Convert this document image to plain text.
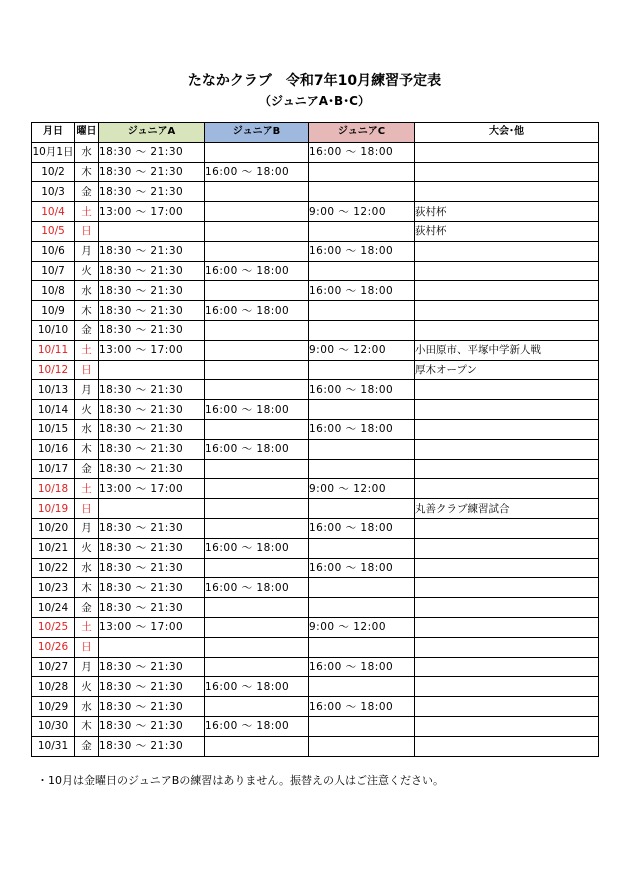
たなかクラブ　令和7年10月練習予定表
（ジュニアA･B･C）
月日	曜日	ジュニアA	ジュニアB	ジュニアC	大会･他
10月1日	水	18:30 ～ 21:30		16:00 ～ 18:00	
10/2	木	18:30 ～ 21:30	16:00 ～ 18:00		
10/3	金	18:30 ～ 21:30			
10/4	土	13:00 ～ 17:00		9:00 ～ 12:00	荻村杯
10/5	日				荻村杯
10/6	月	18:30 ～ 21:30		16:00 ～ 18:00	
10/7	火	18:30 ～ 21:30	16:00 ～ 18:00		
10/8	水	18:30 ～ 21:30		16:00 ～ 18:00	
10/9	木	18:30 ～ 21:30	16:00 ～ 18:00		
10/10	金	18:30 ～ 21:30			
10/11	土	13:00 ～ 17:00		9:00 ～ 12:00	小田原市、平塚中学新人戦
10/12	日				厚木オープン
10/13	月	18:30 ～ 21:30		16:00 ～ 18:00	
10/14	火	18:30 ～ 21:30	16:00 ～ 18:00		
10/15	水	18:30 ～ 21:30		16:00 ～ 18:00	
10/16	木	18:30 ～ 21:30	16:00 ～ 18:00		
10/17	金	18:30 ～ 21:30			
10/18	土	13:00 ～ 17:00		9:00 ～ 12:00	
10/19	日				丸善クラブ練習試合
10/20	月	18:30 ～ 21:30		16:00 ～ 18:00	
10/21	火	18:30 ～ 21:30	16:00 ～ 18:00		
10/22	水	18:30 ～ 21:30		16:00 ～ 18:00	
10/23	木	18:30 ～ 21:30	16:00 ～ 18:00		
10/24	金	18:30 ～ 21:30			
10/25	土	13:00 ～ 17:00		9:00 ～ 12:00	
10/26	日				
10/27	月	18:30 ～ 21:30		16:00 ～ 18:00	
10/28	火	18:30 ～ 21:30	16:00 ～ 18:00		
10/29	水	18:30 ～ 21:30		16:00 ～ 18:00	
10/30	木	18:30 ～ 21:30	16:00 ～ 18:00		
10/31	金	18:30 ～ 21:30			
・10月は金曜日のジュニアBの練習はありません。振替えの人はご注意ください。
